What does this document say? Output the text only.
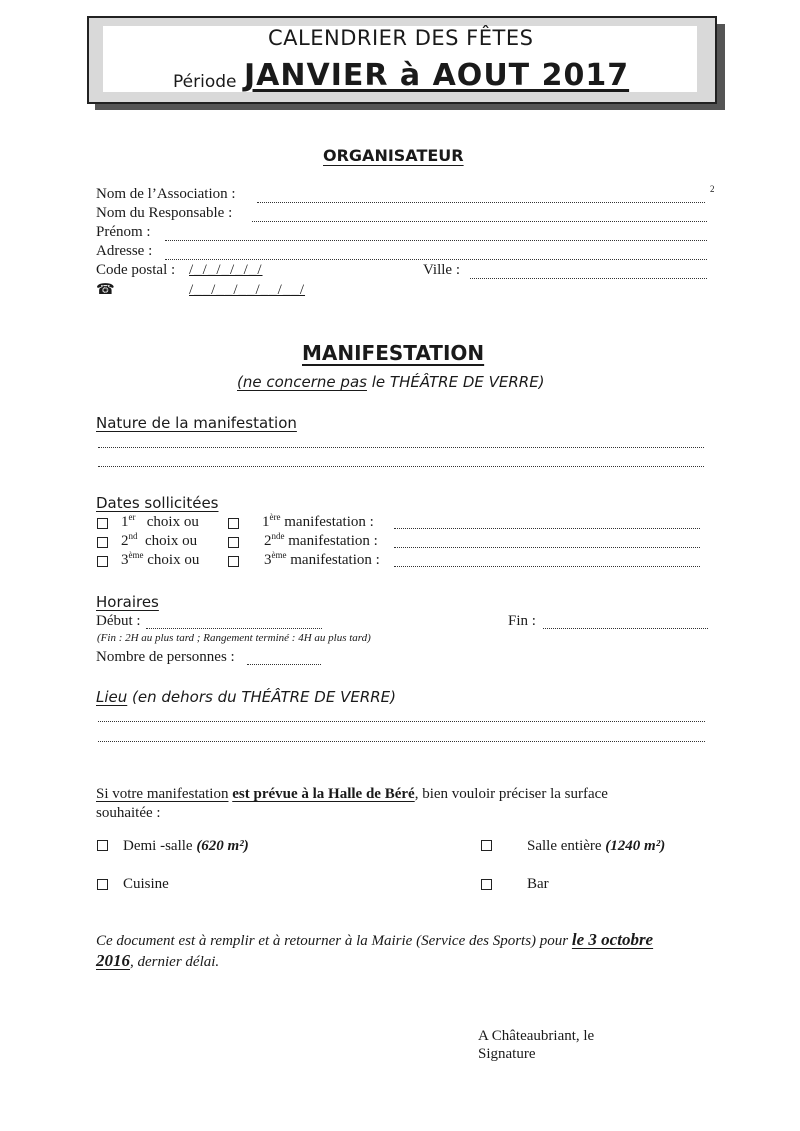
CALENDRIER DES FÊTES
Période JANVIER à AOUT 2017
ORGANISATEUR
Nom de l’Association :	2
Nom du Responsable :
Prénom :
Adresse :
Code postal : /_/_/_/_/_/	Ville :
☎	/__/__/__/__/__/
MANIFESTATION
(ne concerne pas le THÉÂTRE DE VERRE)
Nature de la manifestation
Dates sollicitées
1er choix ou	1ère manifestation :
2nd choix ou	2nde manifestation :
3ème choix ou	3ème manifestation :
Horaires
Début :	Fin :
(Fin : 2H au plus tard ; Rangement terminé : 4H au plus tard)
Nombre de personnes :
Lieu (en dehors du THÉÂTRE DE VERRE)
Si votre manifestation est prévue à la Halle de Béré, bien vouloir préciser la surface
souhaitée :
Demi -salle (620 m²)	Salle entière (1240 m²)
Cuisine	Bar
Ce document est à remplir et à retourner à la Mairie (Service des Sports) pour le 3 octobre
2016, dernier délai.
A Châteaubriant, le
Signature
